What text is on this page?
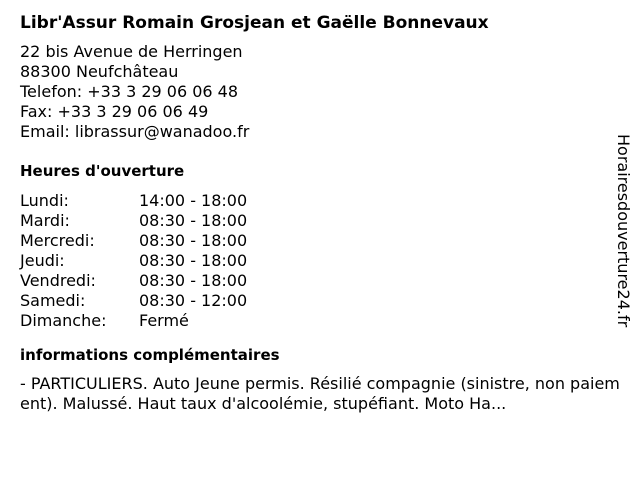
Libr'Assur Romain Grosjean et Gaëlle Bonnevaux
22 bis Avenue de Herringen
88300 Neufchâteau
Telefon: +33 3 29 06 06 48
Fax: +33 3 29 06 06 49
Email: librassur@wanadoo.fr
Heures d'ouverture
Lundi:	14:00 - 18:00
Mardi:	08:30 - 18:00
Mercredi:	08:30 - 18:00
Jeudi:	08:30 - 18:00
Vendredi:	08:30 - 18:00
Samedi:	08:30 - 12:00
Dimanche:	Fermé
informations complémentaires
- PARTICULIERS. Auto Jeune permis. Résilié compagnie (sinistre, non paiement). Malussé. Haut taux d'alcoolémie, stupéfiant. Moto Ha...
Horairesdouverture24.fr
